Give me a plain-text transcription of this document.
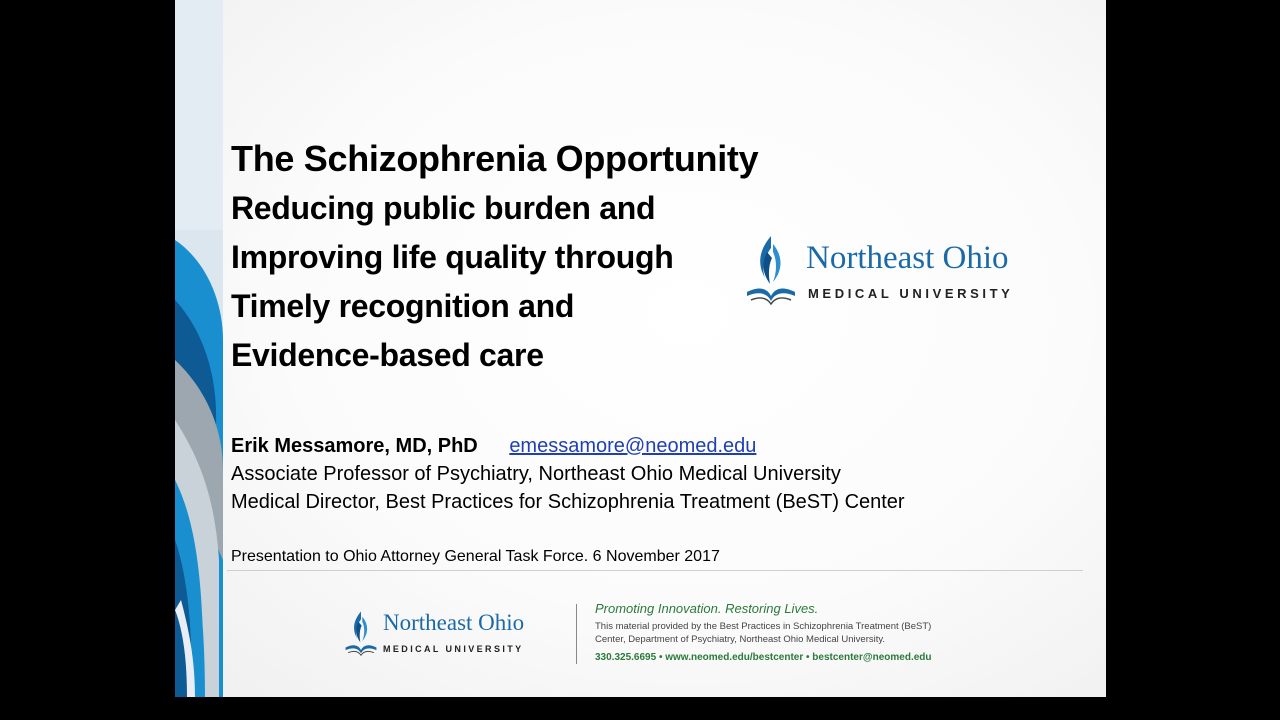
The Schizophrenia Opportunity
Reducing public burden and
Improving life quality through
Timely recognition and
Evidence-based care
Northeast Ohio
MEDICAL UNIVERSITY
Erik Messamore, MD, PhD emessamore@neomed.edu
Associate Professor of Psychiatry, Northeast Ohio Medical University
Medical Director, Best Practices for Schizophrenia Treatment (BeST) Center
Presentation to Ohio Attorney General Task Force. 6 November 2017
Northeast Ohio
MEDICAL UNIVERSITY
Promoting Innovation. Restoring Lives.
This material provided by the Best Practices in Schizophrenia Treatment (BeST)
Center, Department of Psychiatry, Northeast Ohio Medical University.
330.325.6695 • www.neomed.edu/bestcenter • bestcenter@neomed.edu
